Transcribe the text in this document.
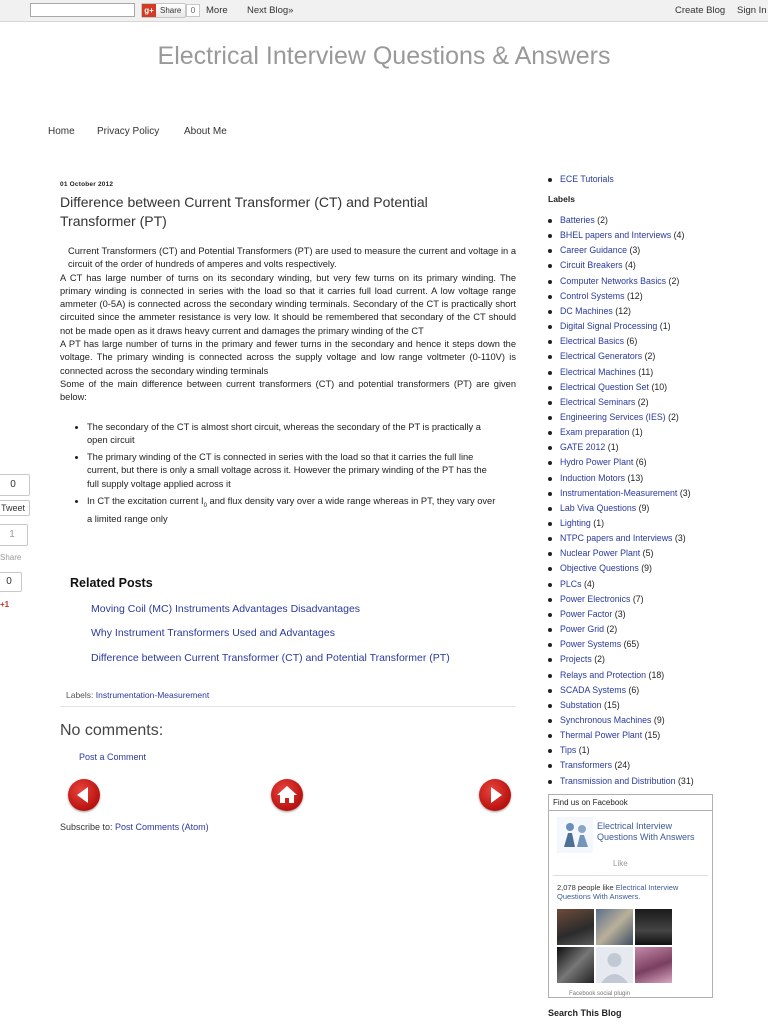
g+ Share	0	More Next Blog»	Create Blog Sign In
Electrical Interview Questions & Answers
Home Privacy Policy About Me
01 October 2012
Difference between Current Transformer (CT) and Potential Transformer (PT)

Current Transformers (CT) and Potential Transformers (PT) are used to measure the current and voltage in a circuit of the order of hundreds of amperes and volts respectively.

A CT has large number of turns on its secondary winding, but very few turns on its primary winding. The primary winding is connected in series with the load so that it carries full load current. A low voltage range ammeter (0-5A) is connected across the secondary winding terminals. Secondary of the CT is practically short circuited since the ammeter resistance is very low. It should be remembered that secondary of the CT should not be made open as it draws heavy current and damages the primary winding of the CT

A PT has large number of turns in the primary and fewer turns in the secondary and hence it steps down the voltage. The primary winding is connected across the supply voltage and low range voltmeter (0-110V) is connected across the secondary winding terminals

Some of the main difference between current transformers (CT) and potential transformers (PT) are given below:

• The secondary of the CT is almost short circuit, whereas the secondary of the PT is practically a open circuit
• The primary winding of the CT is connected in series with the load so that it carries the full line current, but there is only a small voltage across it. However the primary winding of the PT has the full supply voltage applied across it
• In CT the excitation current $I_0$ and flux density vary over a wide range whereas in PT, they vary over a limited range only
Related Posts
Moving Coil (MC) Instruments Advantages Disadvantages
Why Instrument Transformers Used and Advantages
Difference between Current Transformer (CT) and Potential Transformer (PT)
Labels: Instrumentation-Measurement
No comments:
Post a Comment
Subscribe to: Post Comments (Atom)
0
Tweet
1
Share
0
+1
ECE Tutorials
Batteries (2)
BHEL papers and Interviews (4)
Career Guidance (3)
Circuit Breakers (4)
Computer Networks Basics (2)
Control Systems (12)
DC Machines (12)
Digital Signal Processing (1)
Electrical Basics (6)
Electrical Generators (2)
Electrical Machines (11)
Electrical Question Set (10)
Electrical Seminars (2)
Engineering Services (IES) (2)
Exam preparation (1)
GATE 2012 (1)
Hydro Power Plant (6)
Induction Motors (13)
Instrumentation-Measurement (3)
Lab Viva Questions (9)
Lighting (1)
NTPC papers and Interviews (3)
Nuclear Power Plant (5)
Objective Questions (9)
PLCs (4)
Power Electronics (7)
Power Factor (3)
Power Grid (2)
Power Systems (65)
Projects (2)
Relays and Protection (18)
SCADA Systems (6)
Substation (15)
Synchronous Machines (9)
Thermal Power Plant (15)
Tips (1)
Transformers (24)
Transmission and Distribution (31)
Labels
Find us on Facebook
Electrical Interview Questions With Answers
Like
2,078 people like Electrical Interview Questions With Answers.
Facebook social plugin
Search This Blog
